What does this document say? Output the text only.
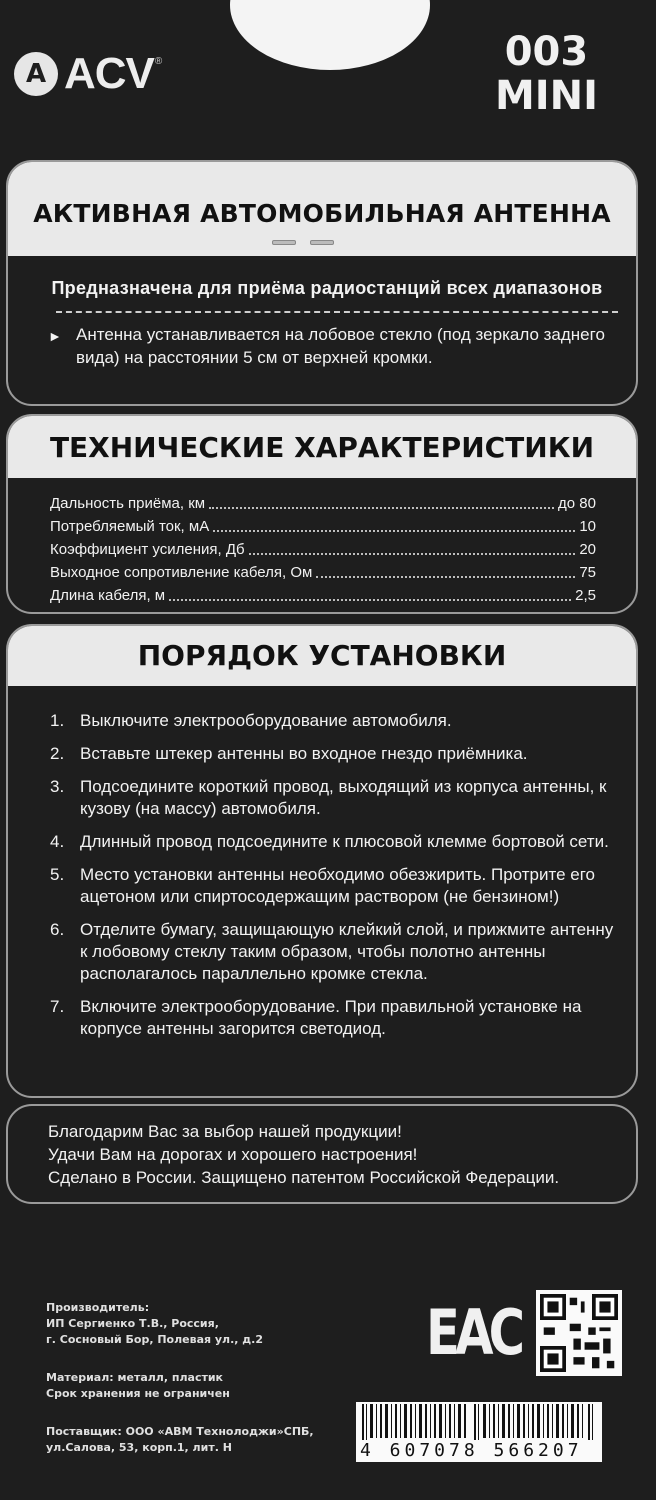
A ACV ®	003
MINI
АКТИВНАЯ АВТОМОБИЛЬНАЯ АНТЕННА
Предназначена для приёма радиостанций всех диапазонов
► Антенна устанавливается на лобовое стекло (под зеркало заднего вида) на расстоянии 5 см от верхней кромки.
ТЕХНИЧЕСКИЕ ХАРАКТЕРИСТИКИ
Дальность приёма, км	до 80
Потребляемый ток, мА	10
Коэффициент усиления, Дб	20
Выходное сопротивление кабеля, Ом	75
Длина кабеля, м	2,5
ПОРЯДОК УСТАНОВКИ
1. Выключите электрооборудование автомобиля.
2. Вставьте штекер антенны во входное гнездо приёмника.
3. Подсоедините короткий провод, выходящий из корпуса антенны, к кузову (на массу) автомобиля.
4. Длинный провод подсоедините к плюсовой клемме бортовой сети.
5. Место установки антенны необходимо обезжирить. Протрите его ацетоном или спиртосодержащим раствором (не бензином!)
6. Отделите бумагу, защищающую клейкий слой, и прижмите антенну к лобовому стеклу таким образом, чтобы полотно антенны располагалось параллельно кромке стекла.
7. Включите электрооборудование. При правильной установке на корпусе антенны загорится светодиод.
Благодарим Вас за выбор нашей продукции!
Удачи Вам на дорогах и хорошего настроения!
Сделано в России. Защищено патентом Российской Федерации.
Производитель:
ИП Сергиенко Т.В., Россия,
г. Сосновый Бор, Полевая ул., д.2
Материал: металл, пластик
Срок хранения не ограничен
Поставщик: ООО «АВМ Технолоджи»СПБ,
ул.Салова, 53, корп.1, лит. Н
ЕАС
4 607078 566207
